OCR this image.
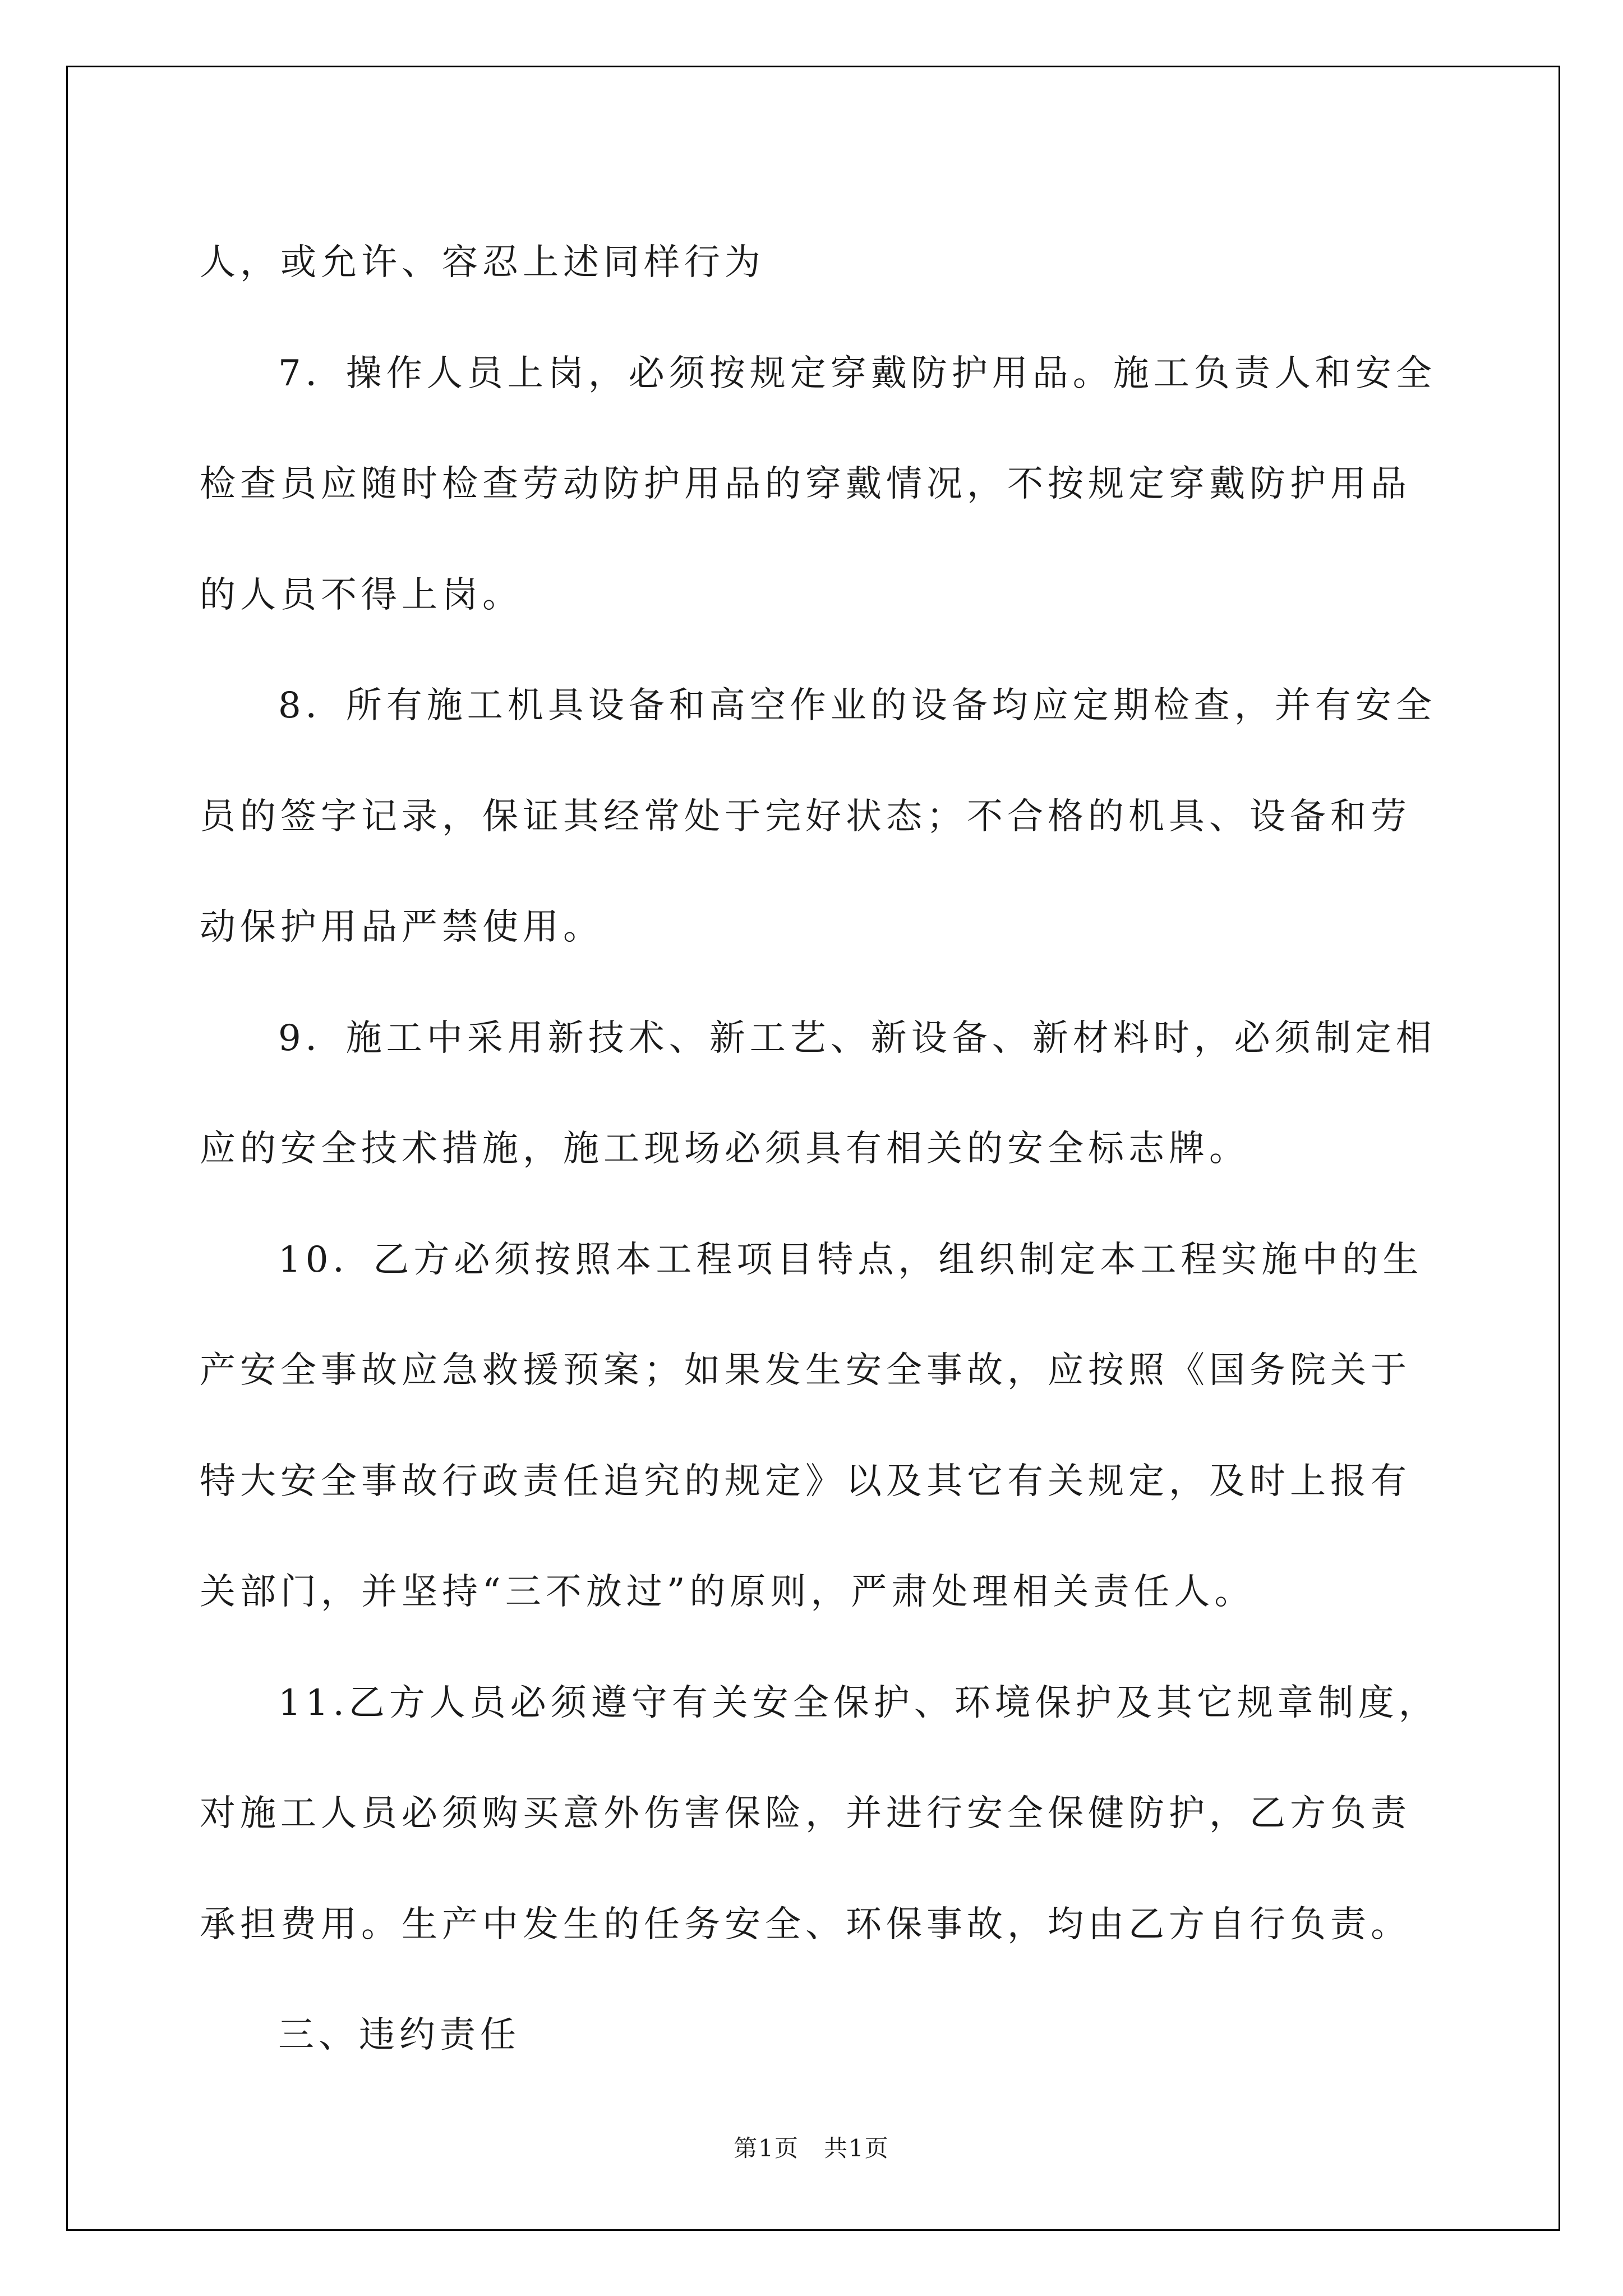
人，或允许、容忍上述同样行为

7．操作人员上岗，必须按规定穿戴防护用品。施工负责人和安全

检查员应随时检查劳动防护用品的穿戴情况，不按规定穿戴防护用品

的人员不得上岗。

8．所有施工机具设备和高空作业的设备均应定期检查，并有安全

员的签字记录，保证其经常处于完好状态；不合格的机具、设备和劳

动保护用品严禁使用。

9．施工中采用新技术、新工艺、新设备、新材料时，必须制定相

应的安全技术措施，施工现场必须具有相关的安全标志牌。

10．乙方必须按照本工程项目特点，组织制定本工程实施中的生

产安全事故应急救援预案；如果发生安全事故，应按照《国务院关于

特大安全事故行政责任追究的规定》以及其它有关规定，及时上报有

关部门，并坚持“三不放过”的原则，严肃处理相关责任人。

11.乙方人员必须遵守有关安全保护、环境保护及其它规章制度，

对施工人员必须购买意外伤害保险，并进行安全保健防护，乙方负责

承担费用。生产中发生的任务安全、环保事故，均由乙方自行负责。

三、违约责任

第1页 共1页
